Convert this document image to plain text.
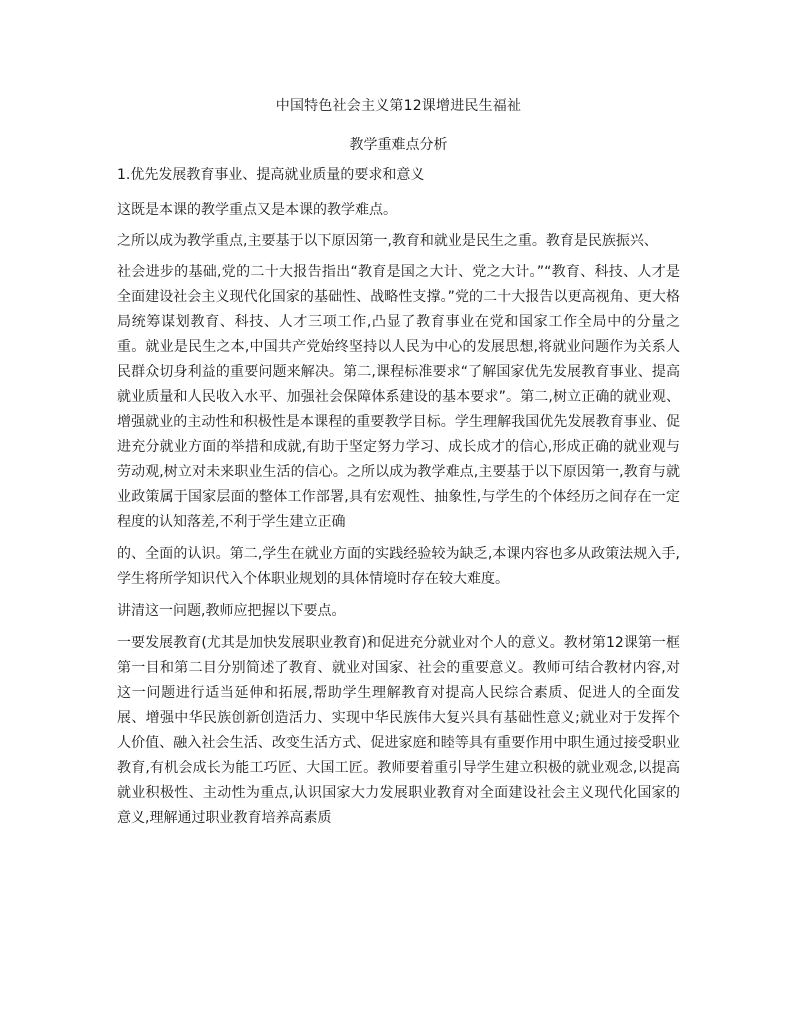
中国特色社会主义第12课增进民生福祉
教学重难点分析
1.优先发展教育事业、提高就业质量的要求和意义

这既是本课的教学重点又是本课的教学难点。

之所以成为教学重点,主要基于以下原因第一,教育和就业是民生之重。教育是民族振兴、

社会进步的基础,党的二十大报告指出“教育是国之大计、党之大计。”“教育、科技、人才是全面建设社会主义现代化国家的基础性、战略性支撑。”党的二十大报告以更高视角、更大格局统筹谋划教育、科技、人才三项工作,凸显了教育事业在党和国家工作全局中的分量之重。就业是民生之本,中国共产党始终坚持以人民为中心的发展思想,将就业问题作为关系人民群众切身利益的重要问题来解决。第二,课程标准要求“了解国家优先发展教育事业、提高就业质量和人民收入水平、加强社会保障体系建设的基本要求”。第二,树立正确的就业观、增强就业的主动性和积极性是本课程的重要教学目标。学生理解我国优先发展教育事业、促进充分就业方面的举措和成就,有助于坚定努力学习、成长成才的信心,形成正确的就业观与劳动观,树立对未来职业生活的信心。之所以成为教学难点,主要基于以下原因第一,教育与就业政策属于国家层面的整体工作部署,具有宏观性、抽象性,与学生的个体经历之间存在一定程度的认知落差,不利于学生建立正确

的、全面的认识。第二,学生在就业方面的实践经验较为缺乏,本课内容也多从政策法规入手,学生将所学知识代入个体职业规划的具体情境时存在较大难度。

讲清这一问题,教师应把握以下要点。

一要发展教育(尤其是加快发展职业教育)和促进充分就业对个人的意义。教材第12课第一框第一目和第二目分别简述了教育、就业对国家、社会的重要意义。教师可结合教材内容,对这一问题进行适当延伸和拓展,帮助学生理解教育对提高人民综合素质、促进人的全面发展、增强中华民族创新创造活力、实现中华民族伟大复兴具有基础性意义;就业对于发挥个人价值、融入社会生活、改变生活方式、促进家庭和睦等具有重要作用中职生通过接受职业教育,有机会成长为能工巧匠、大国工匠。教师要着重引导学生建立积极的就业观念,以提高就业积极性、主动性为重点,认识国家大力发展职业教育对全面建设社会主义现代化国家的意义,理解通过职业教育培养高素质
